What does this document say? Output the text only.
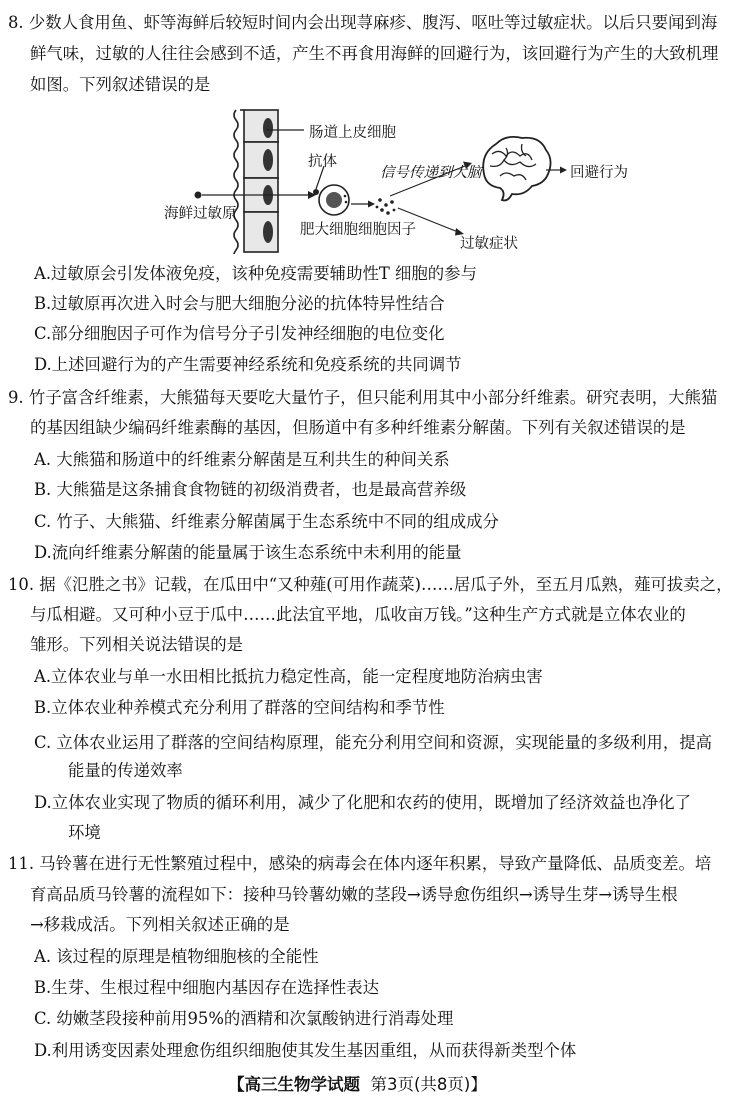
8. 少数人食用鱼、虾等海鲜后较短时间内会出现荨麻疹、腹泻、呕吐等过敏症状。以后只要闻到海
鲜气味，过敏的人往往会感到不适，产生不再食用海鲜的回避行为，该回避行为产生的大致机理
如图。下列叙述错误的是
肠道上皮细胞
抗体
信号传递到大脑	回避行为
海鲜过敏原
肥大细胞细胞因子
过敏症状
A.过敏原会引发体液免疫，该种免疫需要辅助性T 细胞的参与
B.过敏原再次进入时会与肥大细胞分泌的抗体特异性结合
C.部分细胞因子可作为信号分子引发神经细胞的电位变化
D.上述回避行为的产生需要神经系统和免疫系统的共同调节
9. 竹子富含纤维素，大熊猫每天要吃大量竹子，但只能利用其中小部分纤维素。研究表明，大熊猫
的基因组缺少编码纤维素酶的基因，但肠道中有多种纤维素分解菌。下列有关叙述错误的是
A. 大熊猫和肠道中的纤维素分解菌是互利共生的种间关系
B. 大熊猫是这条捕食食物链的初级消费者，也是最高营养级
C. 竹子、大熊猫、纤维素分解菌属于生态系统中不同的组成成分
D.流向纤维素分解菌的能量属于该生态系统中未利用的能量
10. 据《氾胜之书》记载，在瓜田中“又种薤(可用作蔬菜)……居瓜子外，至五月瓜熟，薤可拔卖之，
与瓜相避。又可种小豆于瓜中……此法宜平地，瓜收亩万钱。”这种生产方式就是立体农业的
雏形。下列相关说法错误的是
A.立体农业与单一水田相比抵抗力稳定性高，能一定程度地防治病虫害
B.立体农业种养模式充分利用了群落的空间结构和季节性
C. 立体农业运用了群落的空间结构原理，能充分利用空间和资源，实现能量的多级利用，提高
能量的传递效率
D.立体农业实现了物质的循环利用，减少了化肥和农药的使用，既增加了经济效益也净化了
环境
11. 马铃薯在进行无性繁殖过程中，感染的病毒会在体内逐年积累，导致产量降低、品质变差。培
育高品质马铃薯的流程如下：接种马铃薯幼嫩的茎段→诱导愈伤组织→诱导生芽→诱导生根
→移栽成活。下列相关叙述正确的是
A. 该过程的原理是植物细胞核的全能性
B.生芽、生根过程中细胞内基因存在选择性表达
C. 幼嫩茎段接种前用95%的酒精和次氯酸钠进行消毒处理
D.利用诱变因素处理愈伤组织细胞使其发生基因重组，从而获得新类型个体
【高三生物学试题 第3页(共8页)】
